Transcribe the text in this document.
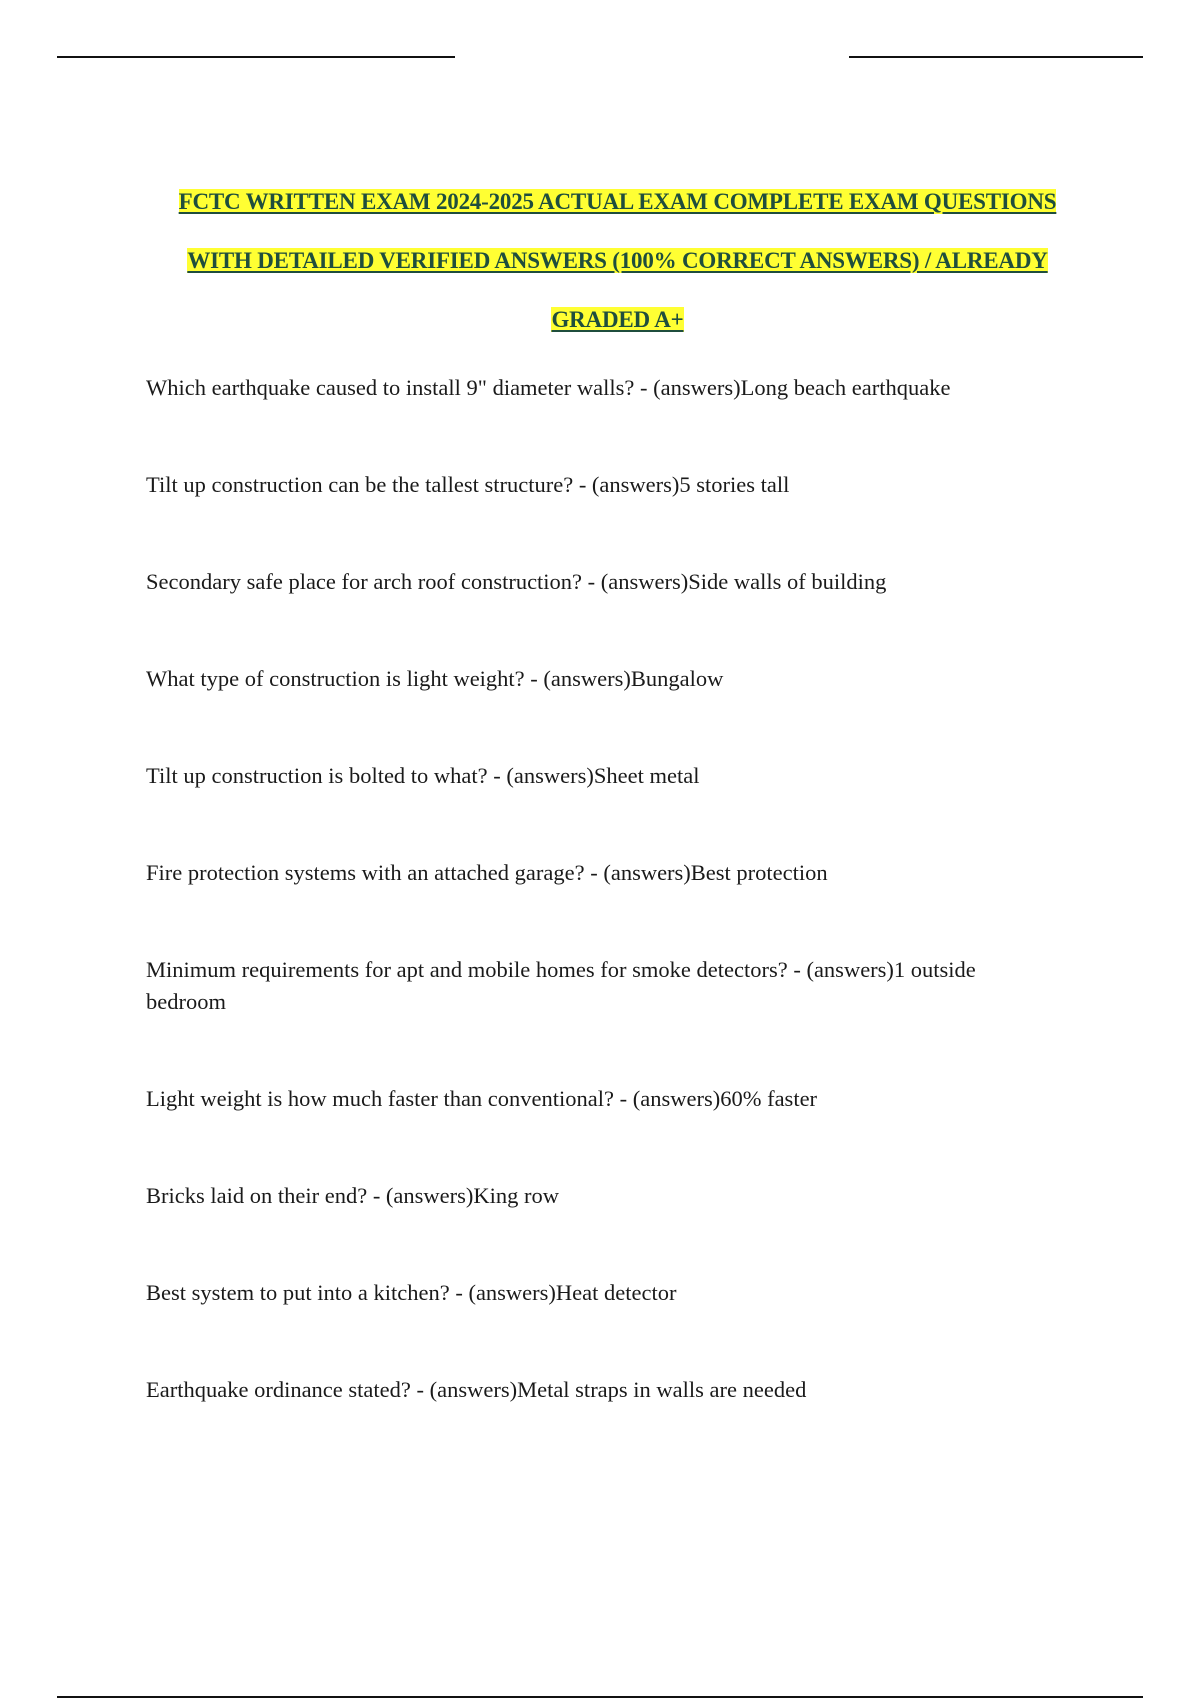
FCTC WRITTEN EXAM 2024-2025 ACTUAL EXAM COMPLETE EXAM QUESTIONS
WITH DETAILED VERIFIED ANSWERS (100% CORRECT ANSWERS) / ALREADY
GRADED A+
Which earthquake caused to install 9" diameter walls? - (answers)Long beach earthquake
Tilt up construction can be the tallest structure? - (answers)5 stories tall
Secondary safe place for arch roof construction? - (answers)Side walls of building
What type of construction is light weight? - (answers)Bungalow
Tilt up construction is bolted to what? - (answers)Sheet metal
Fire protection systems with an attached garage? - (answers)Best protection
Minimum requirements for apt and mobile homes for smoke detectors? - (answers)1 outside bedroom
Light weight is how much faster than conventional? - (answers)60% faster
Bricks laid on their end? - (answers)King row
Best system to put into a kitchen? - (answers)Heat detector
Earthquake ordinance stated? - (answers)Metal straps in walls are needed
